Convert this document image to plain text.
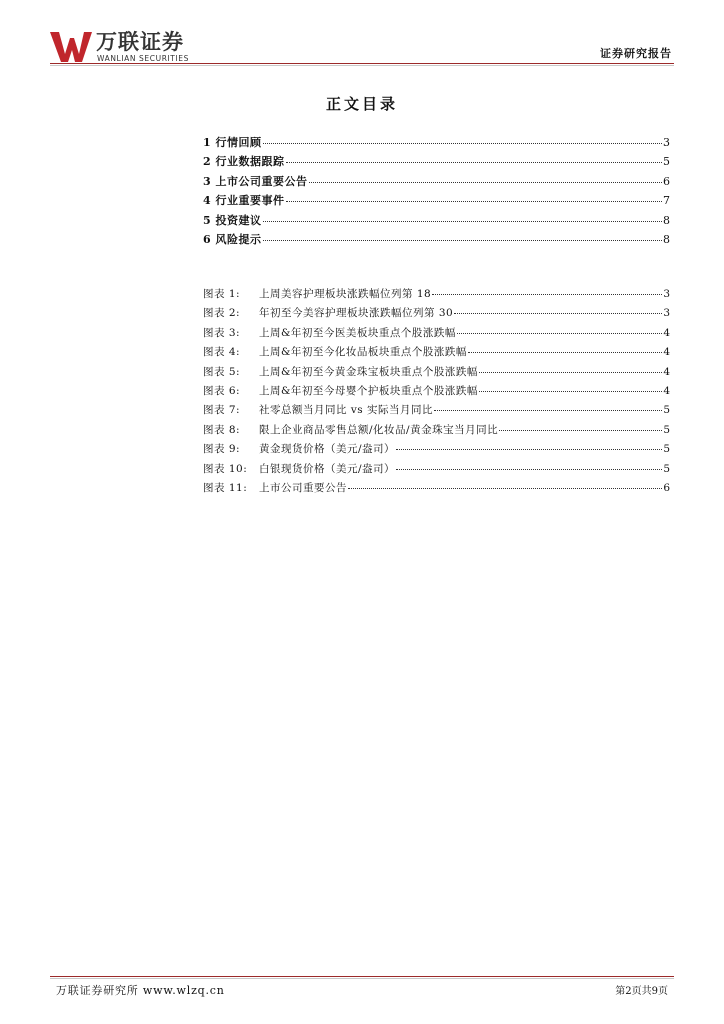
万联证券
WANLIAN SECURITIES	证券研究报告
正文目录
1 行情回顾	3
2 行业数据跟踪	5
3 上市公司重要公告	6
4 行业重要事件	7
5 投资建议	8
6 风险提示	8
图表 1:	上周美容护理板块涨跌幅位列第 18	3
图表 2:	年初至今美容护理板块涨跌幅位列第 30	3
图表 3:	上周&年初至今医美板块重点个股涨跌幅	4
图表 4:	上周&年初至今化妆品板块重点个股涨跌幅	4
图表 5:	上周&年初至今黄金珠宝板块重点个股涨跌幅	4
图表 6:	上周&年初至今母婴个护板块重点个股涨跌幅	4
图表 7:	社零总额当月同比 vs 实际当月同比	5
图表 8:	限上企业商品零售总额/化妆品/黄金珠宝当月同比	5
图表 9:	黄金现货价格（美元/盎司）	5
图表 10:	白银现货价格（美元/盎司）	5
图表 11:	上市公司重要公告	6
万联证券研究所 www.wlzq.cn	第2页共9页
